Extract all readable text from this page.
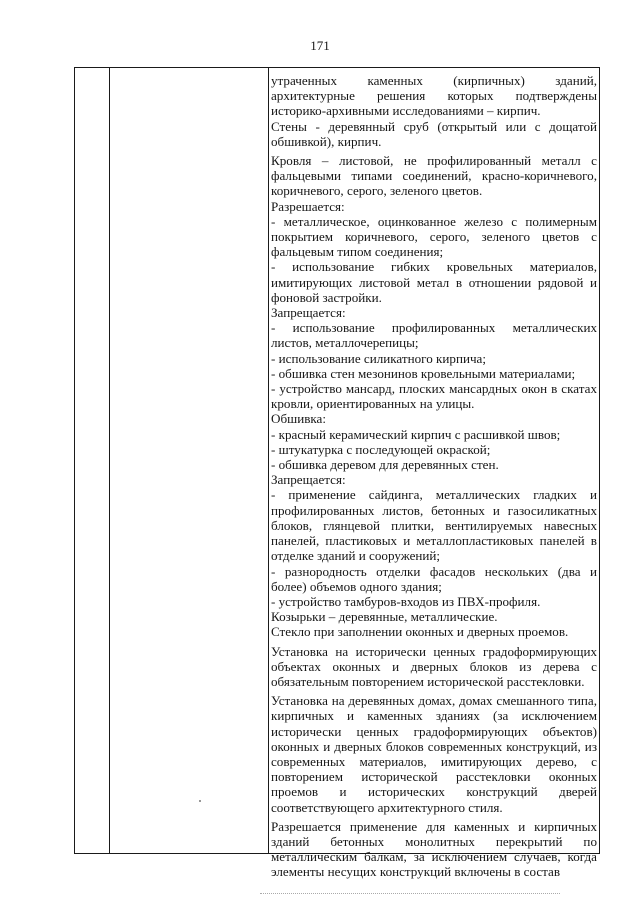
171

утраченных каменных (кирпичных) зданий, архитектурные решения которых подтверждены историко-архивными исследованиями – кирпич.

Стены - деревянный сруб (открытый или с дощатой обшивкой), кирпич.

Кровля – листовой, не профилированный металл с фальцевыми типами соединений, красно-коричневого, коричневого, серого, зеленого цветов.

Разрешается:

- металлическое, оцинкованное железо с полимерным покрытием коричневого, серого, зеленого цветов с фальцевым типом соединения;

- использование гибких кровельных материалов, имитирующих листовой метал в отношении рядовой и фоновой застройки.

Запрещается:

- использование профилированных металлических листов, металлочерепицы;

- использование силикатного кирпича;

- обшивка стен мезонинов кровельными материалами;

- устройство мансард, плоских мансардных окон в скатах кровли, ориентированных на улицы.

Обшивка:

- красный керамический кирпич с расшивкой швов;

- штукатурка с последующей окраской;

- обшивка деревом для деревянных стен.

Запрещается:

- применение сайдинга, металлических гладких и профилированных листов, бетонных и газосиликатных блоков, глянцевой плитки, вентилируемых навесных панелей, пластиковых и металлопластиковых панелей в отделке зданий и сооружений;

- разнородность отделки фасадов нескольких (два и более) объемов одного здания;

- устройство тамбуров-входов из ПВХ-профиля.

Козырьки – деревянные, металлические.

Стекло при заполнении оконных и дверных проемов.

Установка на исторически ценных градоформирующих объектах оконных и дверных блоков из дерева с обязательным повторением исторической расстекловки.

Установка на деревянных домах, домах смешанного типа, кирпичных и каменных зданиях (за исключением исторически ценных градоформирующих объектов) оконных и дверных блоков современных конструкций, из современных материалов, имитирующих дерево, с повторением исторической расстекловки оконных проемов и исторических конструкций дверей соответствующего архитектурного стиля.

Разрешается применение для каменных и кирпичных зданий бетонных монолитных перекрытий по металлическим балкам, за исключением случаев, когда элементы несущих конструкций включены в состав
